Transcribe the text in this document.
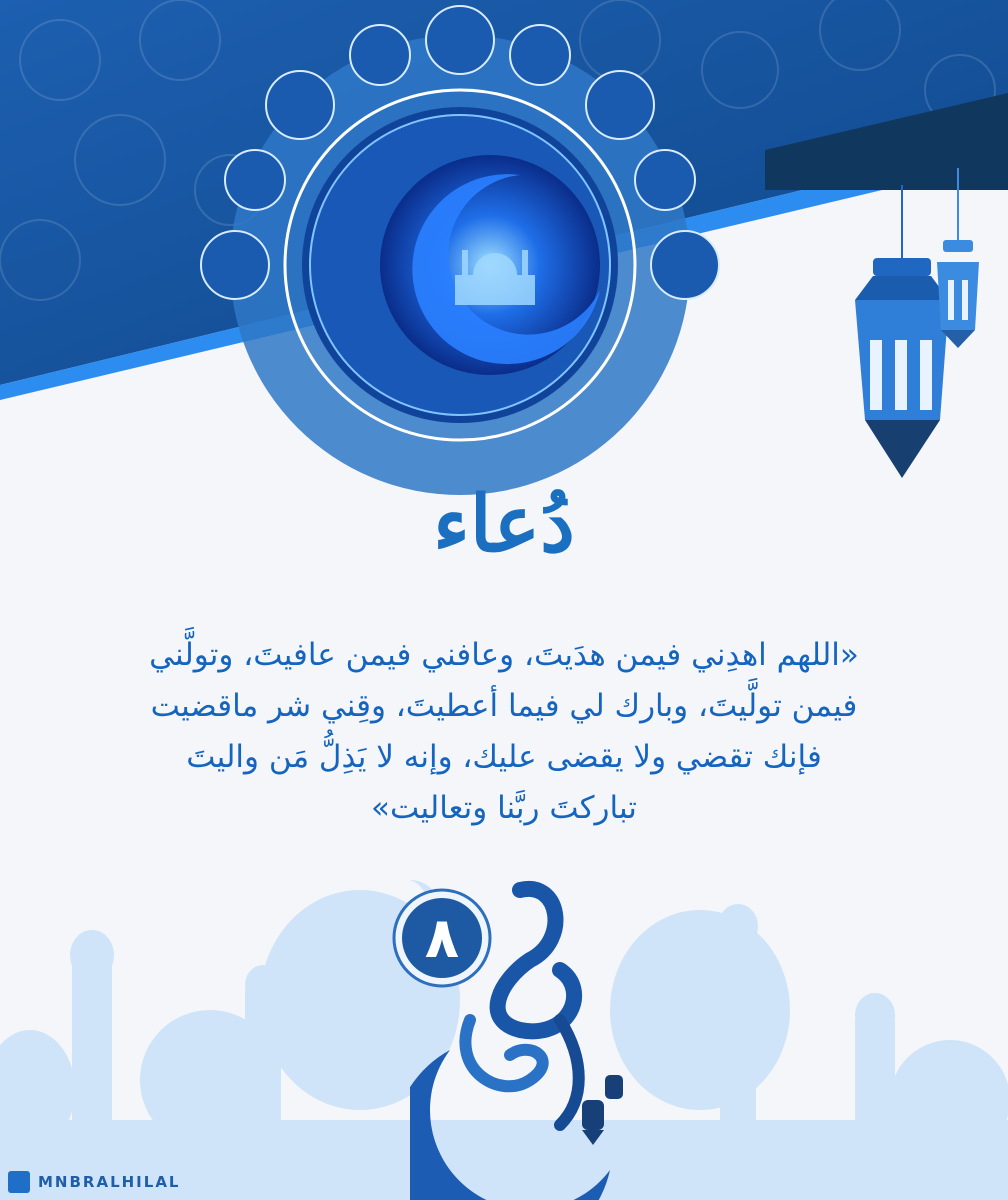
دُعاء
«اللهم اهدِني فيمن هدَيتَ، وعافني فيمن عافيتَ، وتولَّني
فيمن تولَّيتَ، وبارك لي فيما أعطيتَ، وقِني شر ماقضيت
فإنك تقضي ولا يقضى عليك، وإنه لا يَذِلُّ مَن واليتَ
تباركتَ ربَّنا وتعاليت»
٨
MNBRALHILAL
